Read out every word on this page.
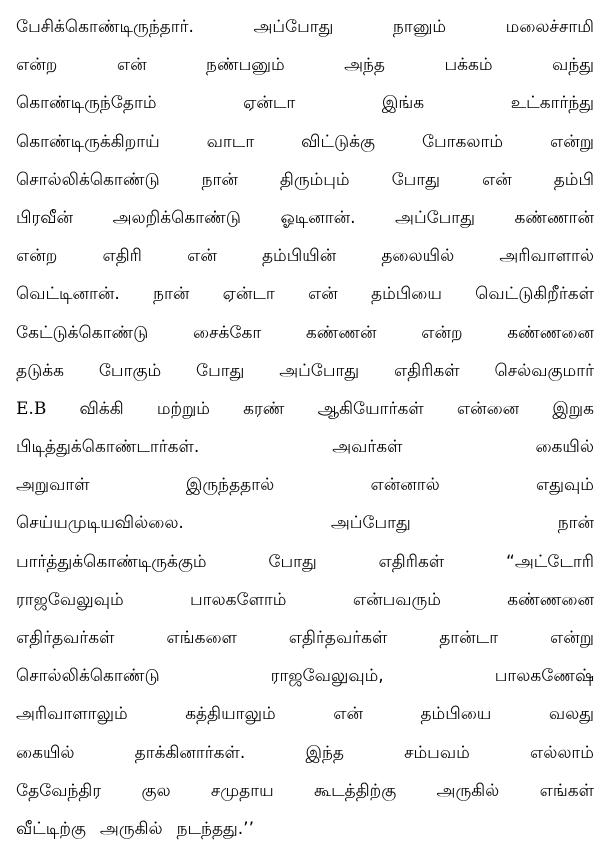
பேசிக்கொண்டிருந்தார்.	அப்போது	நானும்	மலைச்சாமி
என்ற	என்	நண்பனும்	அந்த	பக்கம்	வந்து
கொண்டிருந்தோம்	ஏன்டா	இங்க	உட்கார்ந்து
கொண்டிருக்கிறாய்	வாடா	விட்டுக்கு	போகலாம்	என்று
சொல்லிக்கொண்டு நான் திரும்பும் போது என் தம்பி
பிரவீன் அலறிக்கொண்டு ஓடினான். அப்போது கண்ணான்
என்ற	எதிரி	என்	தம்பியின்	தலையில்	அரிவாளால்
வெட்டினான். நான் ஏன்டா என் தம்பியை வெட்டுகிறீர்கள்
கேட்டுக்கொண்டு	சைக்கோ	கண்ணன்	என்ற	கண்ணனை
தடுக்க போகும் போது அப்போது எதிரிகள் செல்வகுமார்
E.B விக்கி மற்றும் கரண் ஆகியோர்கள் என்னை இறுக
பிடித்துக்கொண்டார்கள்.	அவர்கள்	கையில்
அறுவாள்	இருந்ததால்	என்னால்	எதுவும்
செய்யமுடியவில்லை.	அப்போது	நான்
பார்த்துக்கொண்டிருக்கும்	போது	எதிரிகள்	“அட்டோரி
ராஜவேலுவும்	பாலகளோம்	என்பவரும்	கண்ணனை
எதிர்தவர்கள்	எங்களை	எதிர்தவர்கள்	தான்டா	என்று
சொல்லிக்கொண்டு	ராஜவேலுவும்,	பாலகணேஷ்
அரிவாளாலும்	கத்தியாலும்	என்	தம்பியை	வலது
கையில்	தாக்கினார்கள்.	இந்த	சம்பவம்	எல்லாம்
தேவேந்திர குல சமுதாய கூடத்திற்கு அருகில் எங்கள்
வீட்டிற்கு அருகில் நடந்தது.’’
